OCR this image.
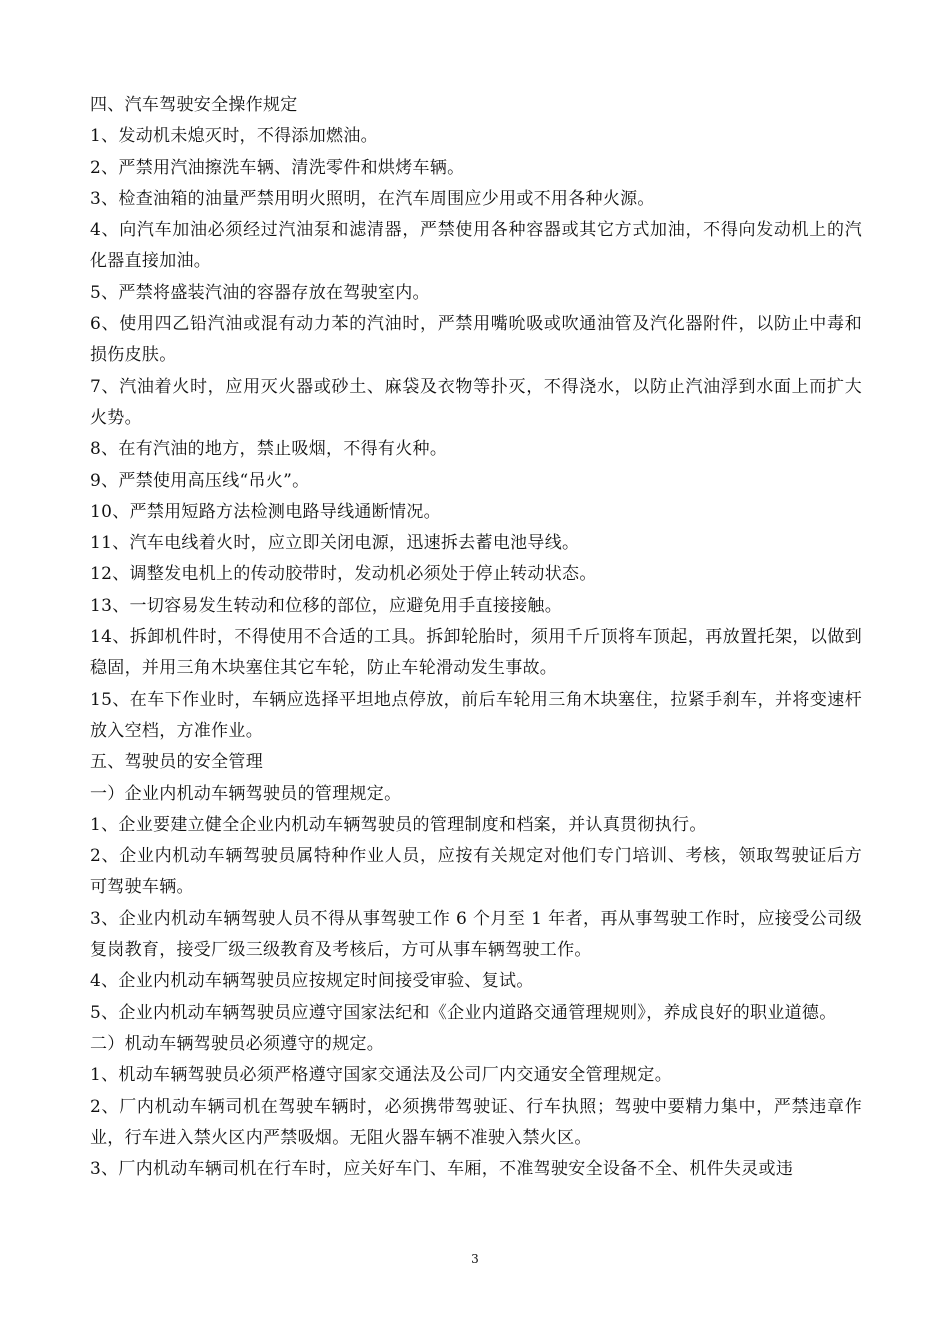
四、汽车驾驶安全操作规定

1、发动机未熄灭时，不得添加燃油。

2、严禁用汽油擦洗车辆、清洗零件和烘烤车辆。

3、检查油箱的油量严禁用明火照明，在汽车周围应少用或不用各种火源。

4、向汽车加油必须经过汽油泵和滤清器，严禁使用各种容器或其它方式加油，不得向发动机上的汽化器直接加油。

5、严禁将盛装汽油的容器存放在驾驶室内。

6、使用四乙铅汽油或混有动力苯的汽油时，严禁用嘴吮吸或吹通油管及汽化器附件，以防止中毒和损伤皮肤。

7、汽油着火时，应用灭火器或砂土、麻袋及衣物等扑灭，不得浇水，以防止汽油浮到水面上而扩大火势。

8、在有汽油的地方，禁止吸烟，不得有火种。

9、严禁使用高压线“吊火”。

10、严禁用短路方法检测电路导线通断情况。

11、汽车电线着火时，应立即关闭电源，迅速拆去蓄电池导线。

12、调整发电机上的传动胶带时，发动机必须处于停止转动状态。

13、一切容易发生转动和位移的部位，应避免用手直接接触。

14、拆卸机件时，不得使用不合适的工具。拆卸轮胎时，须用千斤顶将车顶起，再放置托架，以做到稳固，并用三角木块塞住其它车轮，防止车轮滑动发生事故。

15、在车下作业时，车辆应选择平坦地点停放，前后车轮用三角木块塞住，拉紧手刹车，并将变速杆放入空档，方准作业。

五、驾驶员的安全管理

一）企业内机动车辆驾驶员的管理规定。

1、企业要建立健全企业内机动车辆驾驶员的管理制度和档案，并认真贯彻执行。

2、企业内机动车辆驾驶员属特种作业人员，应按有关规定对他们专门培训、考核，领取驾驶证后方可驾驶车辆。

3、企业内机动车辆驾驶人员不得从事驾驶工作 6 个月至 1 年者，再从事驾驶工作时，应接受公司级复岗教育，接受厂级三级教育及考核后，方可从事车辆驾驶工作。

4、企业内机动车辆驾驶员应按规定时间接受审验、复试。

5、企业内机动车辆驾驶员应遵守国家法纪和《企业内道路交通管理规则》，养成良好的职业道德。

二）机动车辆驾驶员必须遵守的规定。

1、机动车辆驾驶员必须严格遵守国家交通法及公司厂内交通安全管理规定。

2、厂内机动车辆司机在驾驶车辆时，必须携带驾驶证、行车执照；驾驶中要精力集中，严禁违章作业，行车进入禁火区内严禁吸烟。无阻火器车辆不准驶入禁火区。

3、厂内机动车辆司机在行车时，应关好车门、车厢，不准驾驶安全设备不全、机件失灵或违

3
